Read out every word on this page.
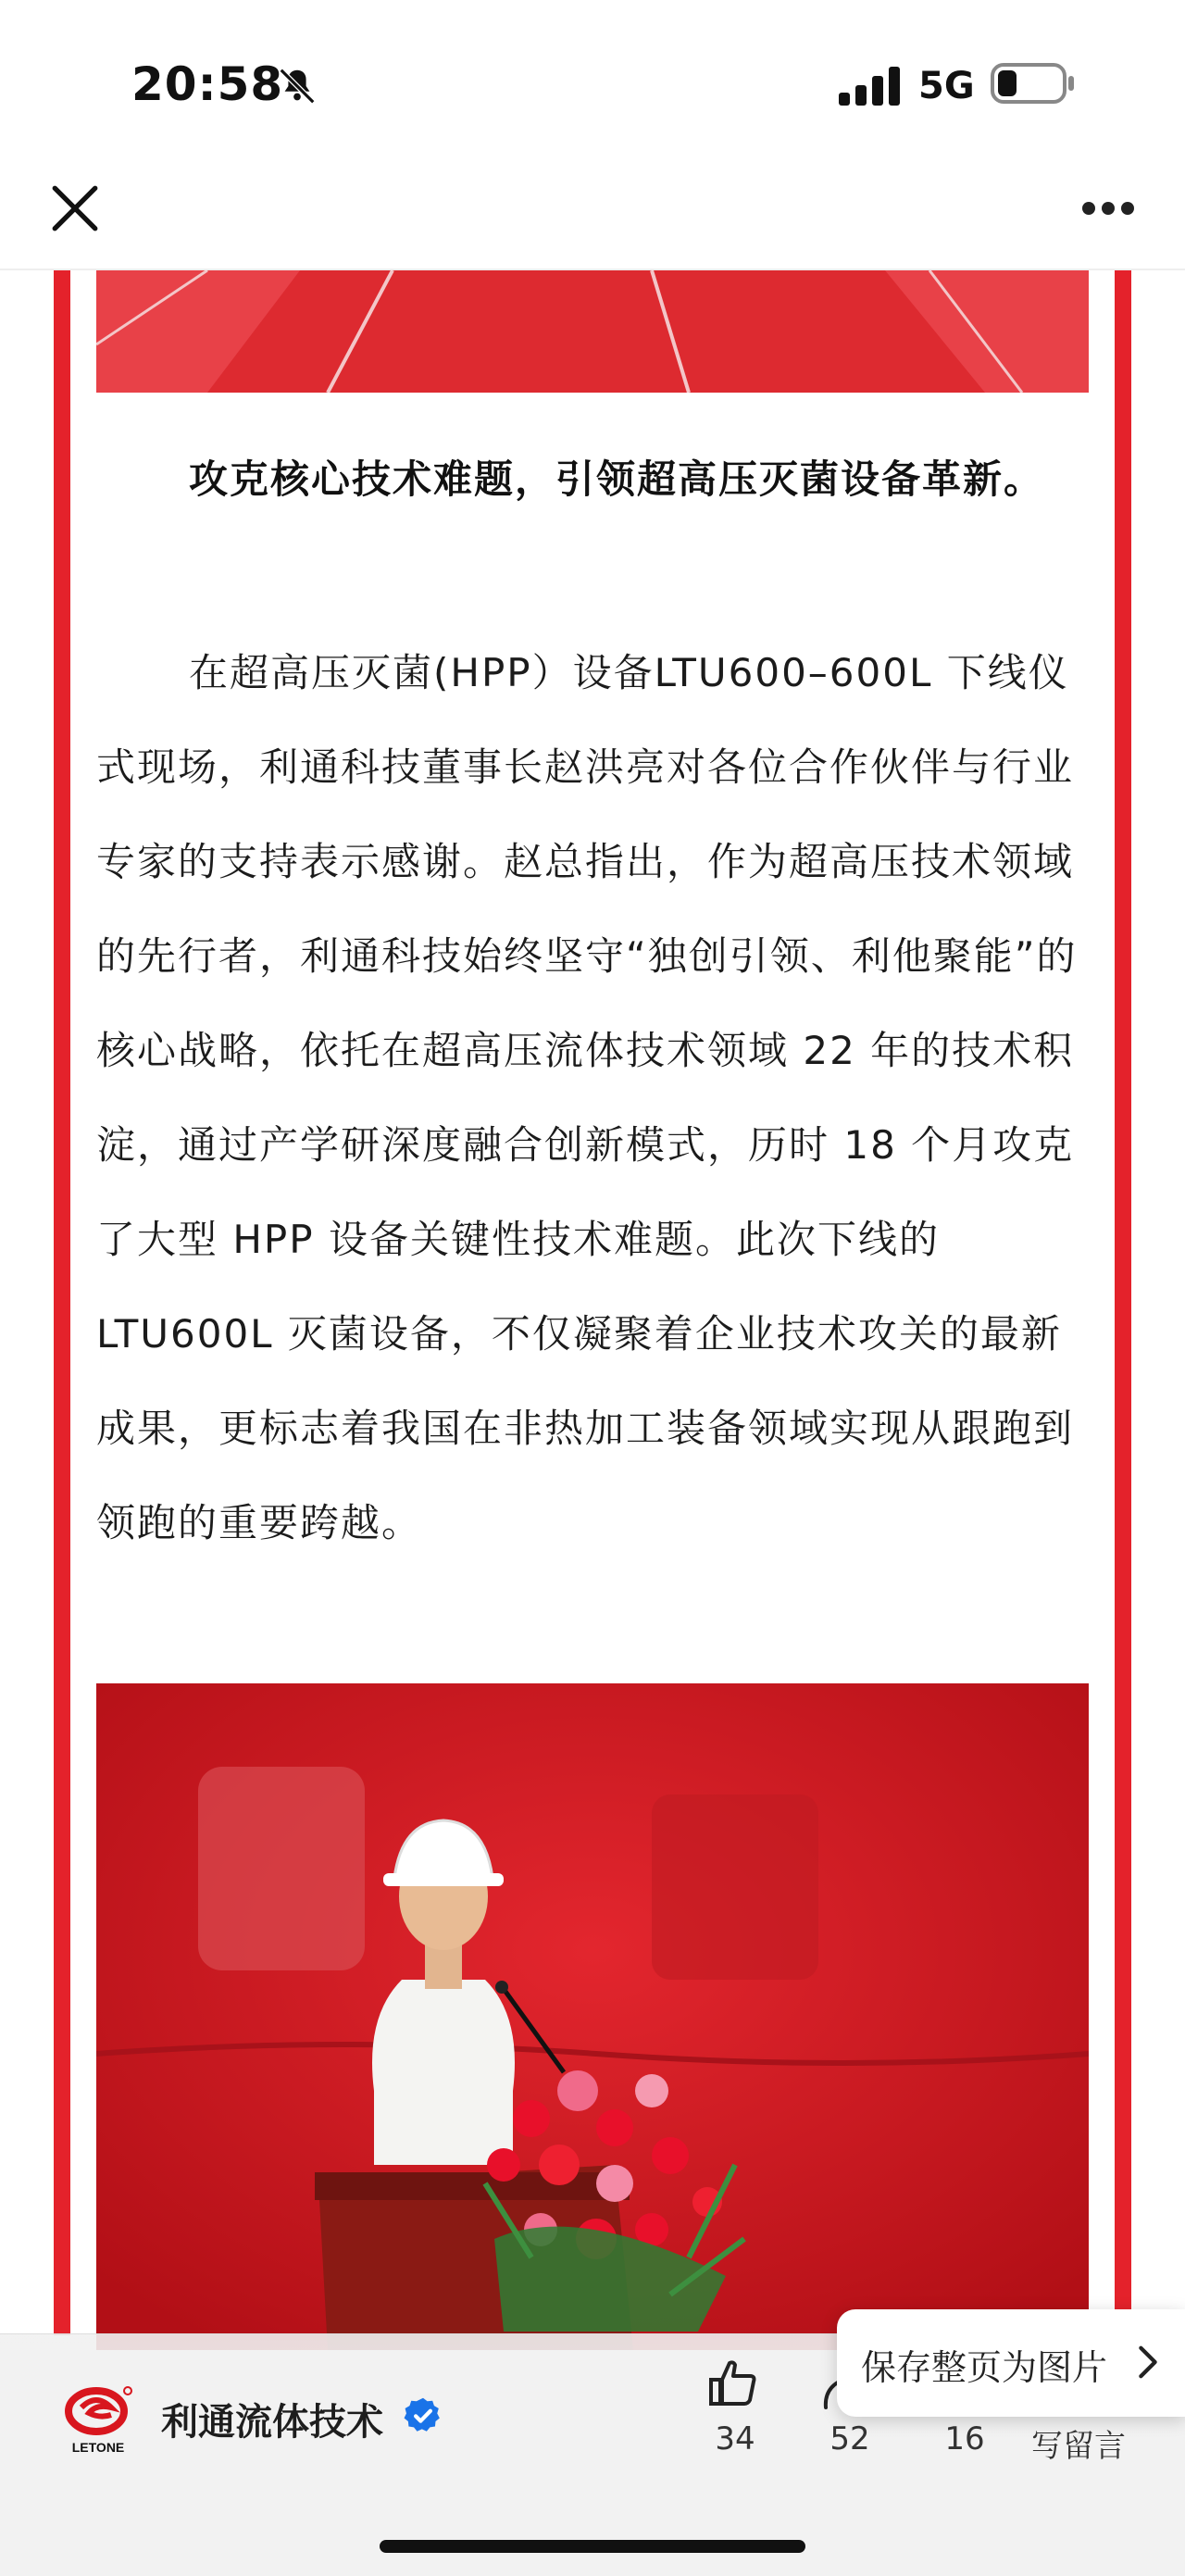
20:58	5G
攻克核心技术难题，引领超高压灭菌设备革新。
在超高压灭菌(HPP）设备LTU600–600L 下线仪式现场，利通科技董事长赵洪亮对各位合作伙伴与行业专家的支持表示感谢。赵总指出，作为超高压技术领域的先行者，利通科技始终坚守“独创引领、利他聚能”的核心战略，依托在超高压流体技术领域 22 年的技术积淀，通过产学研深度融合创新模式，历时 18 个月攻克了大型 HPP 设备关键性技术难题。此次下线的 LTU600L 灭菌设备，不仅凝聚着企业技术攻关的最新成果，更标志着我国在非热加工装备领域实现从跟跑到领跑的重要跨越。
LETONE
利通流体技术	34 52 16 写留言
保存整页为图片
